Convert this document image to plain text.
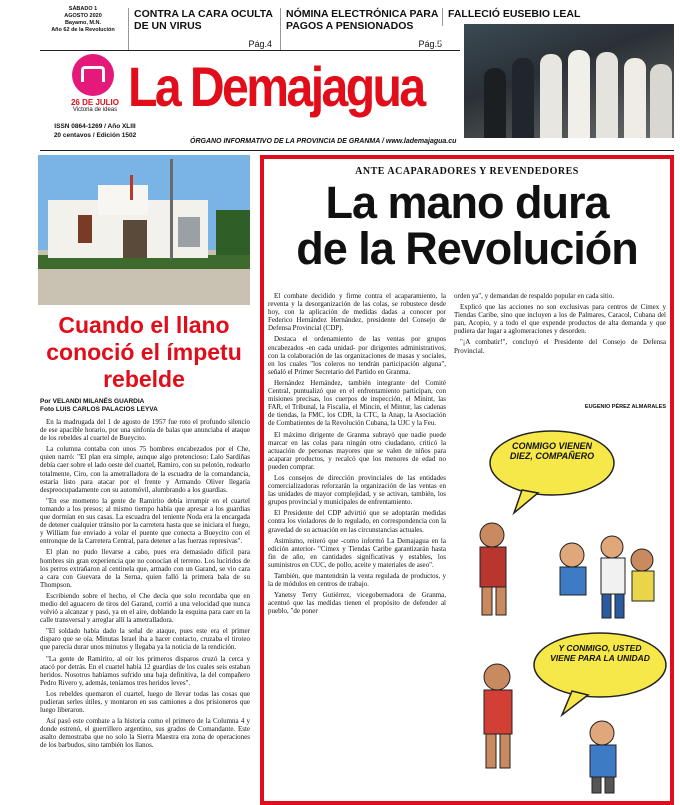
SÁBADO 1
AGOSTO 2020
Bayamo, M.N.
Año 62 de la Revolución
CONTRA LA CARA OCULTA DE UN VIRUS
Pág.4
NÓMINA ELECTRÓNICA PARA PAGOS A PENSIONADOS
Pág.5
FALLECIÓ EUSEBIO LEAL
Pág.7
26 DE JULIO
Victoria de ideas
ISSN 0864-1269 / Año XLIII
20 centavos / Edición 1502
La Demajagua
ÓRGANO INFORMATIVO DE LA PROVINCIA DE GRANMA / www.lademajagua.cu
Cuando el llano conoció el ímpetu rebelde
Por VELANDI MILANÉS GUARDIA
Foto LUIS CARLOS PALACIOS LEYVA

En la madrugada del 1 de agosto de 1957 fue roto el profundo silencio de ese apacible horario, por una sinfonía de balas que anunciaba el ataque de los rebeldes al cuartel de Bueycito.

La columna contaba con unos 75 hombres encabezados por el Che, quien narró: "El plan era simple, aunque algo pretencioso: Lalo Sardiñas debía caer sobre el lado oeste del cuartel, Ramiro, con su pelotón, rodearlo totalmente, Ciro, con la ametralladora de la escuadra de la comandancia, estaría listo para atacar por el frente y Armando Oliver llegaría despreocupadamente con su automóvil, alumbrando a los guardias.

"En ese momento la gente de Ramirito debía irrumpir en el cuartel tomando a los presos; al mismo tiempo había que apresar a los guardias que dormían en sus casas. La escuadra del teniente Noda era la encargada de detener cualquier tránsito por la carretera hasta que se iniciara el fuego, y William fue enviado a volar el puente que conecta a Bueycito con el entronque de la Carretera Central, para detener a las fuerzas represivas".

El plan no pudo llevarse a cabo, pues era demasiado difícil para hombres sin gran experiencia que no conocían el terreno. Los lucíridos de los perros extrañaron al centinela que, armado con un Garand, se vio cara a cara con Guevara de la Serna, quien falló la primera bala de su Thompson.

Escribiendo sobre el hecho, el Che decía que solo recordaba que en medio del aguacero de tiros del Garand, corrió a una velocidad que nunca volvió a alcanzar y pasó, ya en el aire, doblando la esquina para caer en la calle transversal y arreglar allí la ametralladora.

"El soldado había dado la señal de ataque, pues este era el primer disparo que se oía. Minutas Israel iba a hacer contacto, cruzaba el tiroteo que parecía durar unos minutos y llegaba ya la noticia de la rendición.

"La gente de Ramirito, al oír los primeros disparos cruzó la cerca y atacó por detrás. En el cuartel había 12 guardias de los cuales seis estaban heridos. Nosotros habíamos sufrido una baja definitiva, la del compañero Pedro Rivero y, además, teníamos tres heridos leves".

Los rebeldes quemaron el cuartel, luego de llevar todas las cosas que pudieran serles útiles, y montaron en sus camiones a dos prisioneros que luego liberaron.

Así pasó este combate a la historia como el primero de la Columna 4 y donde estrenó, el guerrillero argentino, sus grados de Comandante. Este asalto demostraba que no solo la Sierra Maestra era zona de operaciones de los barbudos, sino también los llanos.

ANTE ACAPARADORES Y REVENDEDORES
La mano dura
de la Revolución

El combate decidido y firme contra el acaparamiento, la reventa y la desorganización de las colas, se robustece desde hoy, con la aplicación de medidas dadas a conocer por Federico Hernández Hernández, presidente del Consejo de Defensa Provincial (CDP).

Destaca el ordenamiento de las ventas por grupos encabezados -en cada unidad- por dirigentes administrativos, con la colaboración de las organizaciones de masas y sociales, en los cuales "los coleros no tendrán participación alguna", señaló el Primer Secretario del Partido en Granma.

Hernández Hernández, también integrante del Comité Central, puntualizó que en el enfrentamiento participan, con misiones precisas, los cuerpos de inspección, el Minint, las FAR, el Tribunal, la Fiscalía, el Mincin, el Mintur, las cadenas de tiendas, la FMC, los CDR, la CTC, la Anap, la Asociación de Combatientes de la Revolución Cubana, la UJC y la Feu.

El máximo dirigente de Granma subrayó que nadie puede marcar en las colas para ningún otro ciudadano, criticó la actuación de personas mayores que se valen de niños para acaparar productos, y recalcó que los menores de edad no pueden comprar.

Los consejos de dirección provinciales de las entidades comercializadoras reforzarán la organización de las ventas en las unidades de mayor complejidad, y se activan, también, los grupos provincial y municipales de enfrentamiento.

El Presidente del CDP advirtió que se adoptarán medidas contra los violadores de lo regulado, en correspondencia con la gravedad de su actuación en las circunstancias actuales.

Asimismo, reiteró que -como informó La Demajagua en la edición anterior- "Cimex y Tiendas Caribe garantizarán hasta fin de año, en cantidades significativas y estables, los suministros en CUC, de pollo, aceite y materiales de aseo".

También, que mantendrán la venta regulada de productos, y la de módulos en centros de trabajo.

Yanetsy Terry Gutiérrez, vicegobernadora de Granma, acentuó que las medidas tienen el propósito de defender al pueblo, "de poner

orden ya", y demandan de respaldo popular en cada sitio.

Explicó que las acciones no son exclusivas para centros de Cimex y Tiendas Caribe, sino que incluyen a los de Palmares, Caracol, Cubana del pan, Acopio, y a todo el que expende productos de alta demanda y que pudiera dar lugar a aglomeraciones y desorden.

"¡A combatir!", concluyó el Presidente del Consejo de Defensa Provincial.

EUGENIO PÉREZ ALMARALES
CONMIGO VIENEN DIEZ, COMPAÑERO
Y CONMIGO, USTED VIENE PARA LA UNIDAD
